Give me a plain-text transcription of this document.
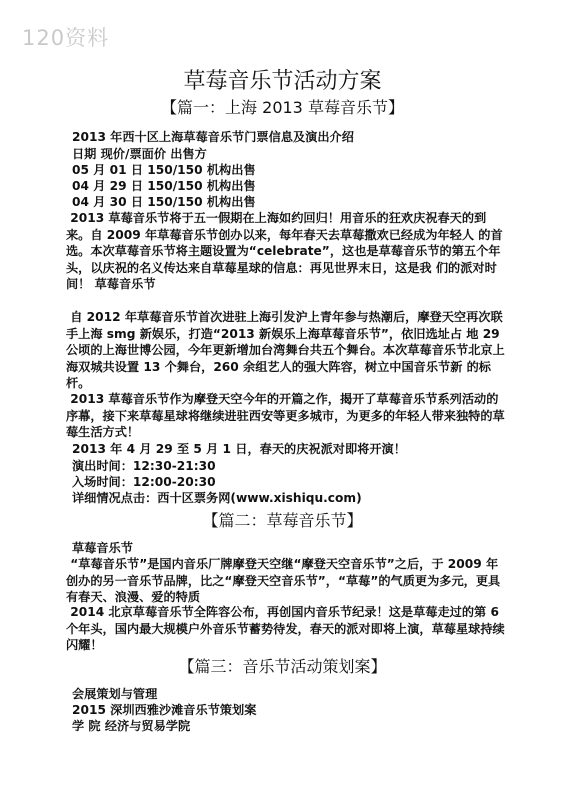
120资料
草莓音乐节活动方案
【篇一：上海 2013 草莓音乐节】
2013 年西十区上海草莓音乐节门票信息及演出介绍
日期 现价/票面价 出售方
05 月 01 日 150/150 机构出售
04 月 29 日 150/150 机构出售
04 月 30 日 150/150 机构出售

2013 草莓音乐节将于五一假期在上海如约回归！用音乐的狂欢庆祝春天的到来。自 2009 年草莓音乐节创办以来，每年春天去草莓撒欢已经成为年轻人 的首选。本次草莓音乐节将主题设置为“celebrate”，这也是草莓音乐节的第五个年头，以庆祝的名义传达来自草莓星球的信息：再见世界末日，这是我 们的派对时间！ 草莓音乐节

自 2012 年草莓音乐节首次进驻上海引发沪上青年参与热潮后，摩登天空再次联手上海 smg 新娱乐，打造“2013 新娱乐上海草莓音乐节”，依旧选址占 地 29 公顷的上海世博公园，今年更新增加台湾舞台共五个舞台。本次草莓音乐节北京上海双城共设置 13 个舞台，260 余组艺人的强大阵容，树立中国音乐节新 的标杆。

2013 草莓音乐节作为摩登天空今年的开篇之作，揭开了草莓音乐节系列活动的序幕，接下来草莓星球将继续进驻西安等更多城市，为更多的年轻人带来独特的草莓生活方式！

2013 年 4 月 29 至 5 月 1 日，春天的庆祝派对即将开演！
演出时间：12:30-21:30
入场时间：12:00-20:30
详细情况点击：西十区票务网(www.xishiqu.com)
【篇二：草莓音乐节】
草莓音乐节

“草莓音乐节”是国内音乐厂牌摩登天空继“摩登天空音乐节”之后，于 2009 年创办的另一音乐节品牌，比之“摩登天空音乐节”，“草莓”的气质更为多元，更具有春天、浪漫、爱的特质

2014 北京草莓音乐节全阵容公布，再创国内音乐节纪录！这是草莓走过的第 6 个年头，国内最大规模户外音乐节蓄势待发，春天的派对即将上演，草莓星球持续闪耀！

【篇三：音乐节活动策划案】
会展策划与管理
2015 深圳西雅沙滩音乐节策划案
学 院 经济与贸易学院
